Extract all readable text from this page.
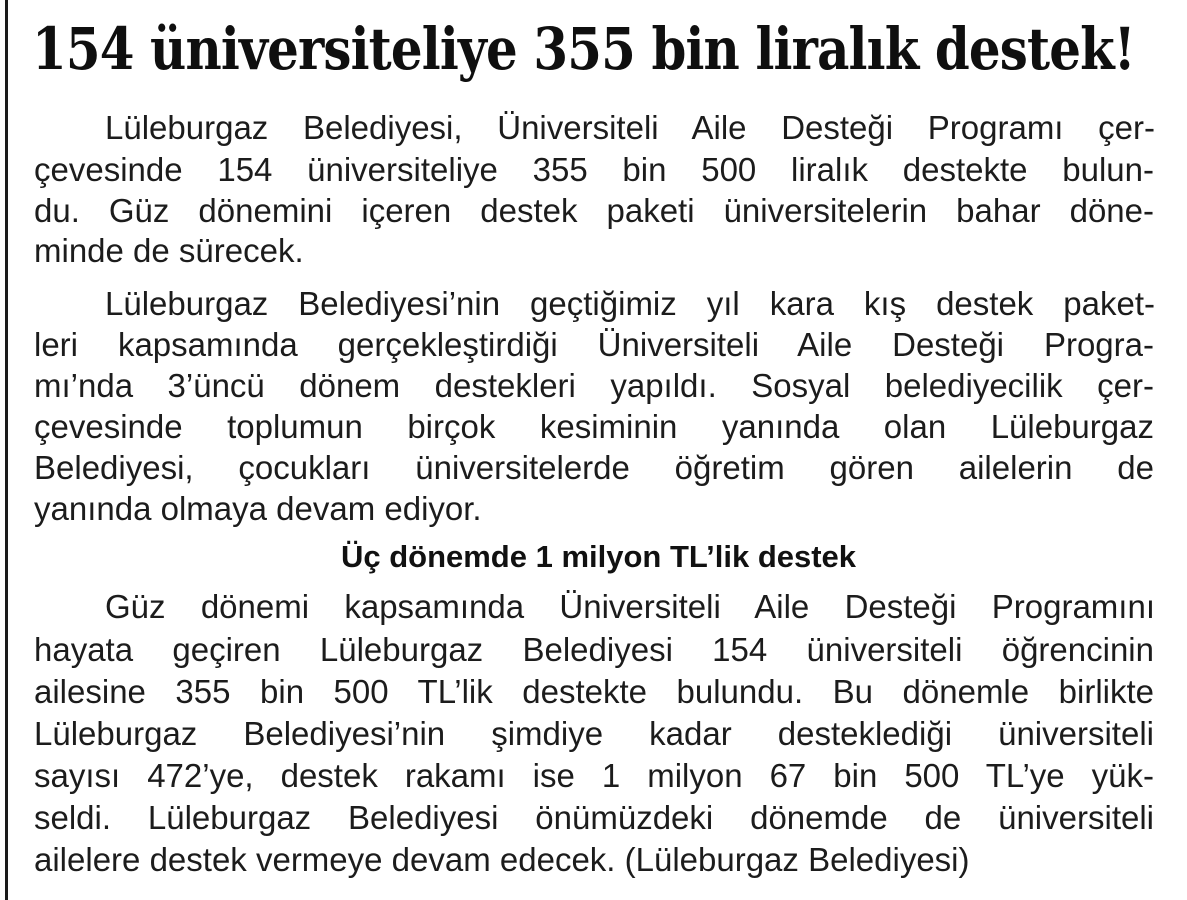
154 üniversiteliye 355 bin liralık destek!
Lüleburgaz Belediyesi, Üniversiteli Aile Desteği Programı çer-
çevesinde 154 üniversiteliye 355 bin 500 liralık destekte bulun-
du. Güz dönemini içeren destek paketi üniversitelerin bahar döne-
minde de sürecek.
Lüleburgaz Belediyesi’nin geçtiğimiz yıl kara kış destek paket-
leri kapsamında gerçekleştirdiği Üniversiteli Aile Desteği Progra-
mı’nda 3’üncü dönem destekleri yapıldı. Sosyal belediyecilik çer-
çevesinde toplumun birçok kesiminin yanında olan Lüleburgaz
Belediyesi, çocukları üniversitelerde öğretim gören ailelerin de
yanında olmaya devam ediyor.
Üç dönemde 1 milyon TL’lik destek
Güz dönemi kapsamında Üniversiteli Aile Desteği Programını
hayata geçiren Lüleburgaz Belediyesi 154 üniversiteli öğrencinin
ailesine 355 bin 500 TL’lik destekte bulundu. Bu dönemle birlikte
Lüleburgaz Belediyesi’nin şimdiye kadar desteklediği üniversiteli
sayısı 472’ye, destek rakamı ise 1 milyon 67 bin 500 TL’ye yük-
seldi. Lüleburgaz Belediyesi önümüzdeki dönemde de üniversiteli
ailelere destek vermeye devam edecek. (Lüleburgaz Belediyesi)
